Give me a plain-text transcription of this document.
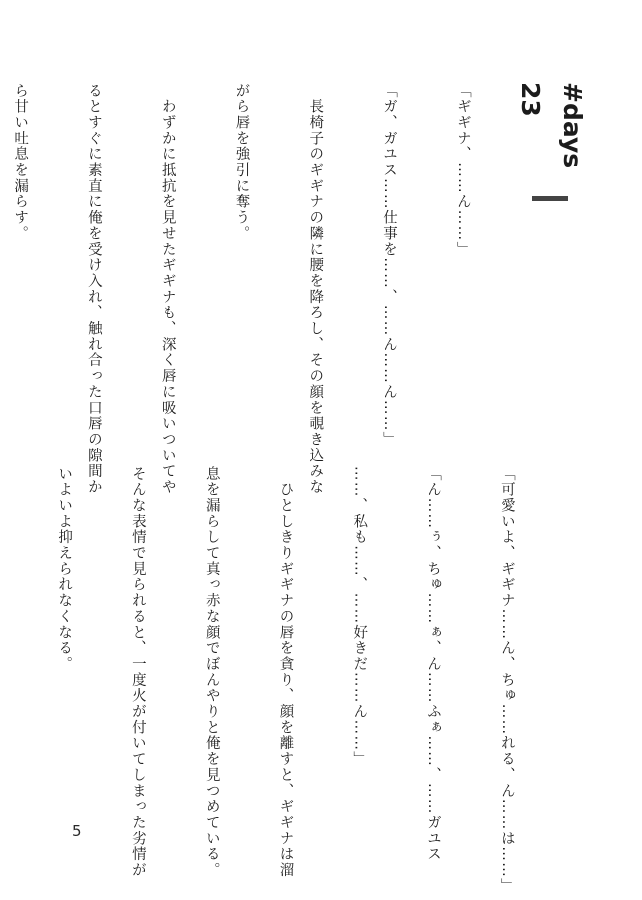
#days 23

「ギギナ、……ん……」

「ガ、ガユス……仕事を……、……ん……ん……」

　長椅子のギギナの隣に腰を降ろし、その顔を覗き込みな

がら唇を強引に奪う。

　わずかに抵抗を見せたギギナも、深く唇に吸いついてや

るとすぐに素直に俺を受け入れ、触れ合った口唇の隙間か

ら甘い吐息を漏らす。

「可愛いよ、ギギナ……ん、ちゅ……れる、ん……は……」

「ん……ぅ、ちゅ……ぁ、ん……ふぁ……、……ガユス

……、私も……、……好きだ……ん……」

　ひとしきりギギナの唇を貪り、顔を離すと、ギギナは溜

息を漏らして真っ赤な顔でぼんやりと俺を見つめている。

そんな表情で見られると、一度火が付いてしまった劣情が

いよいよ抑えられなくなる。

5
